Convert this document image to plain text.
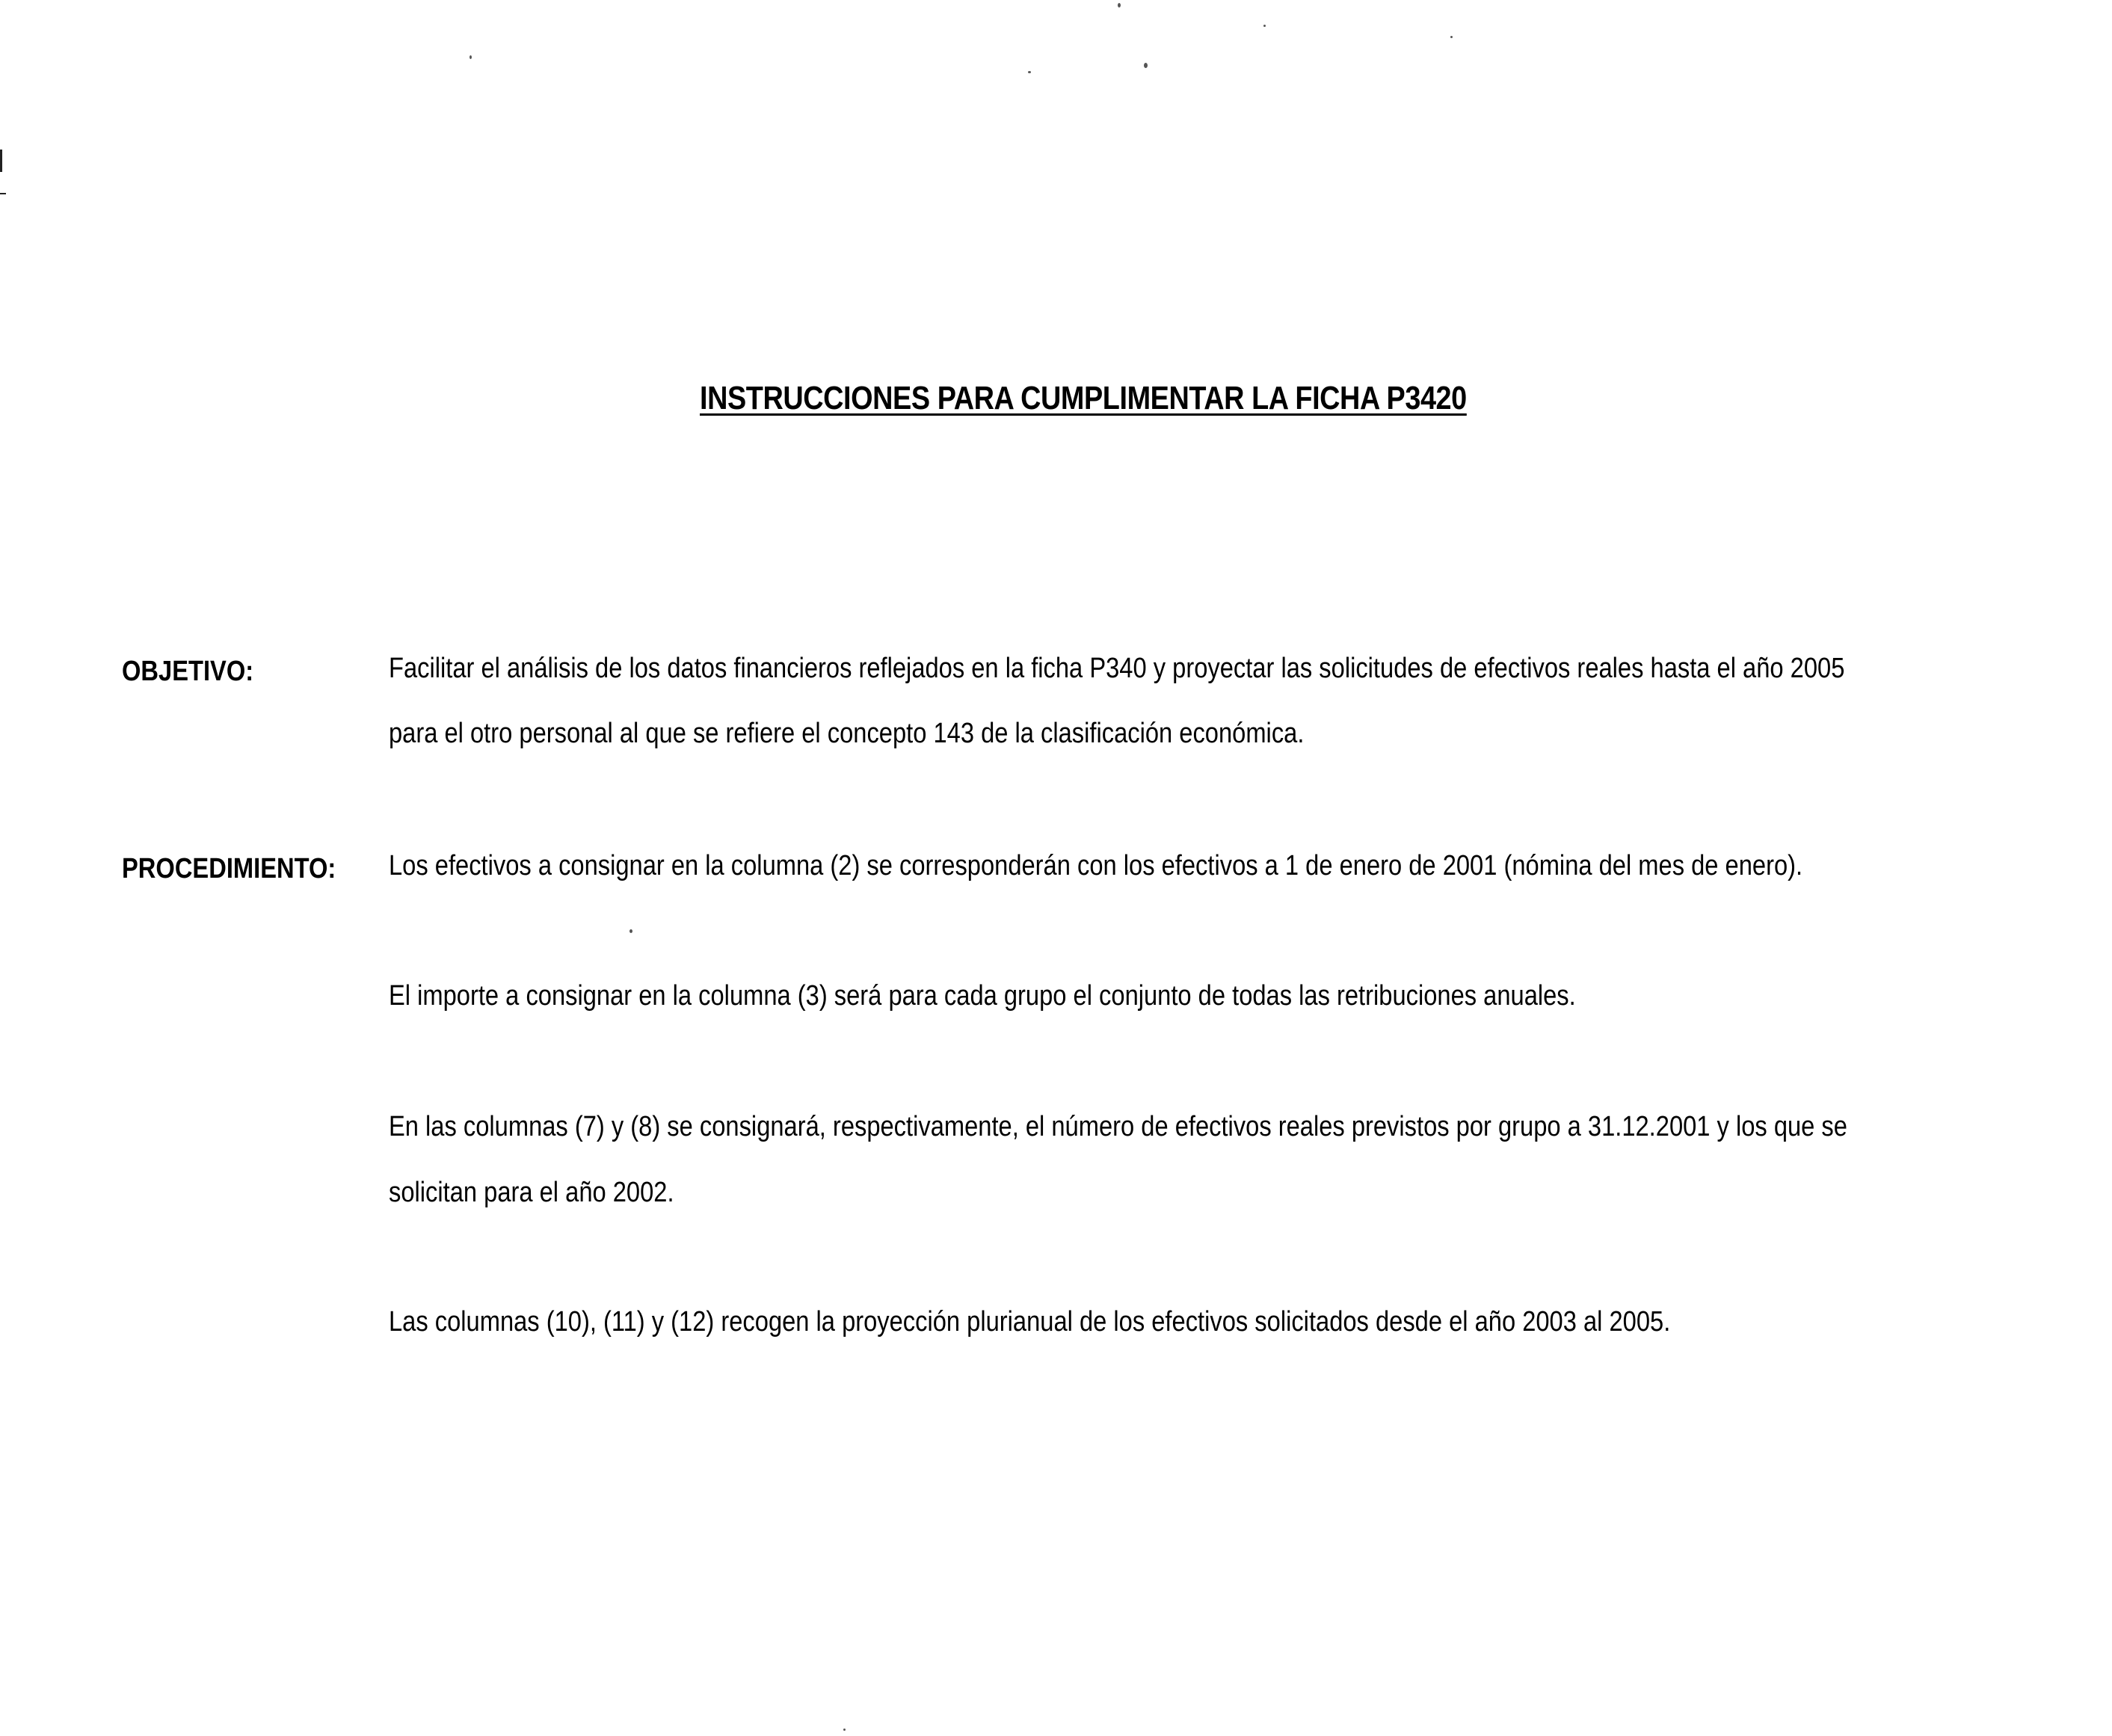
INSTRUCCIONES PARA CUMPLIMENTAR LA FICHA P3420
OBJETIVO:	Facilitar el análisis de los datos financieros reflejados en la ficha P340 y proyectar las solicitudes de efectivos reales hasta el año 2005
para el otro personal al que se refiere el concepto 143 de la clasificación económica.
PROCEDIMIENTO: Los efectivos a consignar en la columna (2) se corresponderán con los efectivos a 1 de enero de 2001 (nómina del mes de enero).
El importe a consignar en la columna (3) será para cada grupo el conjunto de todas las retribuciones anuales.
En las columnas (7) y (8) se consignará, respectivamente, el número de efectivos reales previstos por grupo a 31.12.2001 y los que se
solicitan para el año 2002.
Las columnas (10), (11) y (12) recogen la proyección plurianual de los efectivos solicitados desde el año 2003 al 2005.
